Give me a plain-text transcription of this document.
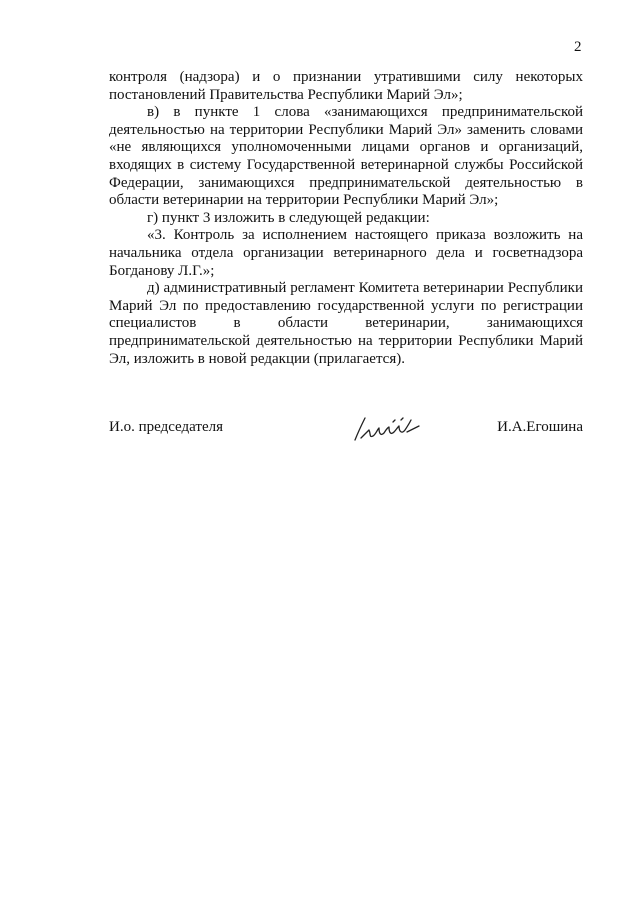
2

контроля (надзора) и о признании утратившими силу некоторых постановлений Правительства Республики Марий Эл»;

в) в пункте 1 слова «занимающихся предпринимательской деятельностью на территории Республики Марий Эл» заменить словами «не являющихся уполномоченными лицами органов и организаций, входящих в систему Государственной ветеринарной службы Российской Федерации, занимающихся предпринимательской деятельностью в области ветеринарии на территории Республики Марий Эл»;

г) пункт 3 изложить в следующей редакции:

«3. Контроль за исполнением настоящего приказа возложить на начальника отдела организации ветеринарного дела и госветнадзора Богданову Л.Г.»;

д) административный регламент Комитета ветеринарии Республики Марий Эл по предоставлению государственной услуги по регистрации специалистов в области ветеринарии, занимающихся предпринимательской деятельностью на территории Республики Марий Эл, изложить в новой редакции (прилагается).

И.о. председателя	И.А.Егошина
